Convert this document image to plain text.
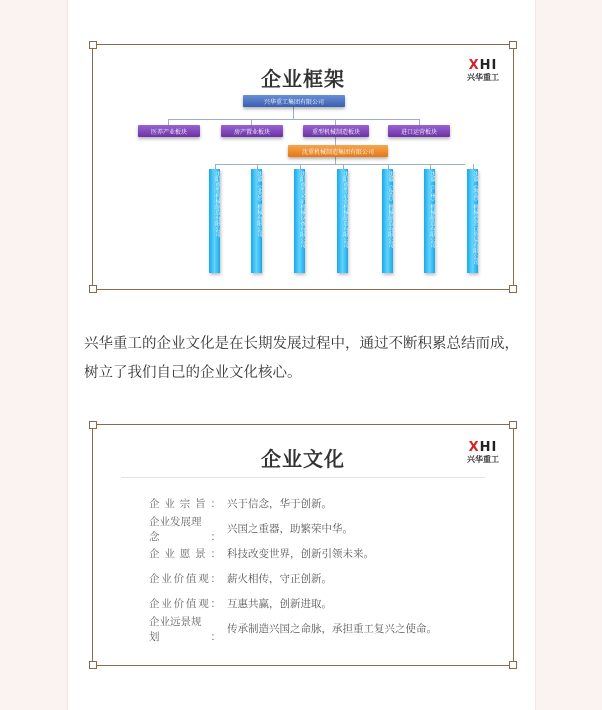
企业框架
XHI
兴华重工
兴华重工集团有限公司
医养产业板块	房产置业板块	重型机械制造板块	进口运营板块
沈重机械制造集团有限公司
沈阳重型机械制造有限公司	沈重（北京）机械有限公司	沈阳重型采矿机械设备有限公司	沈阳重型冶金机械制造有限公司	沈重（东营）机械制造有限公司	沈重（广州）机械制造有限公司	沈重（海南）机械进出口贸易有限公司
兴华重工的企业文化是在长期发展过程中，通过不断积累总结而成，树立了我们自己的企业文化核心。
企业文化	XHI
兴华重工
企业宗旨： 兴于信念，华于创新。
企业发展理念：
兴国之重器，助繁荣中华。
企业愿景： 科技改变世界，创新引领未来。
企业价值观： 薪火相传，守正创新。
企业价值观： 互惠共赢，创新进取。
企业远景规划：
传承制造兴国之命脉，承担重工复兴之使命。
